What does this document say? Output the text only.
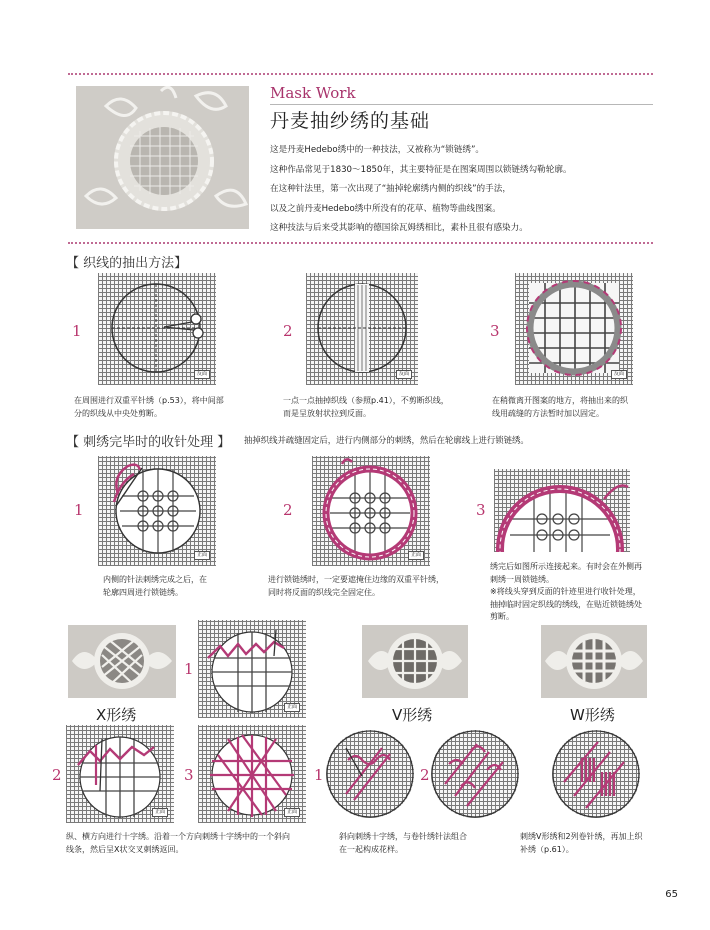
Mask Work
丹麦抽纱绣的基础
这是丹麦Hedebo绣中的一种技法，又被称为“锁链绣”。
这种作品常见于1830～1850年，其主要特征是在图案周围以锁链绣勾勒轮廓。
在这种针法里，第一次出现了“抽掉轮廓绣内侧的织线”的手法，
以及之前丹麦Hedebo绣中所没有的花草、植物等曲线图案。
这种技法与后来受其影响的德国徐瓦姆绣相比，素朴且很有感染力。
【 织线的抽出方法】
1
反面
在周围进行双重平针绣（p.53），将中间部
分的织线从中央处剪断。
2
反面
一点一点抽掉织线（参照p.41），不剪断织线，
而是呈放射状拉到反面。
3
反面
在稍微离开图案的地方，将抽出来的织
线用疏缝的方法暂时加以固定。
【 刺绣完毕时的收针处理 】 抽掉织线并疏缝固定后，进行内侧部分的刺绣，然后在轮廓线上进行锁链绣。
1
正面
内侧的针法刺绣完成之后，在
轮廓四周进行锁链绣。
2
正面
进行锁链绣时，一定要遮掩住边缘的双重平针绣，
同时将反面的织线完全固定住。
3
绣完后如图所示连接起来。有时会在外侧再
刺绣一周锁链绣。
※将线头穿到反面的针迹里进行收针处理，
抽掉临时固定织线的绣线，在贴近锁链绣处
剪断。
1
正面
X形绣
2
正面
3
正面
纵、横方向进行十字绣。沿着一个方向刺绣十字绣中的一个斜向
线条，然后呈X状交叉刺绣返回。
V形绣
1	2
斜向刺绣十字绣，与卷针绣针法组合
在一起构成花样。
W形绣
刺绣V形绣和2列卷针绣，再加上织
补绣（p.61）。
65
